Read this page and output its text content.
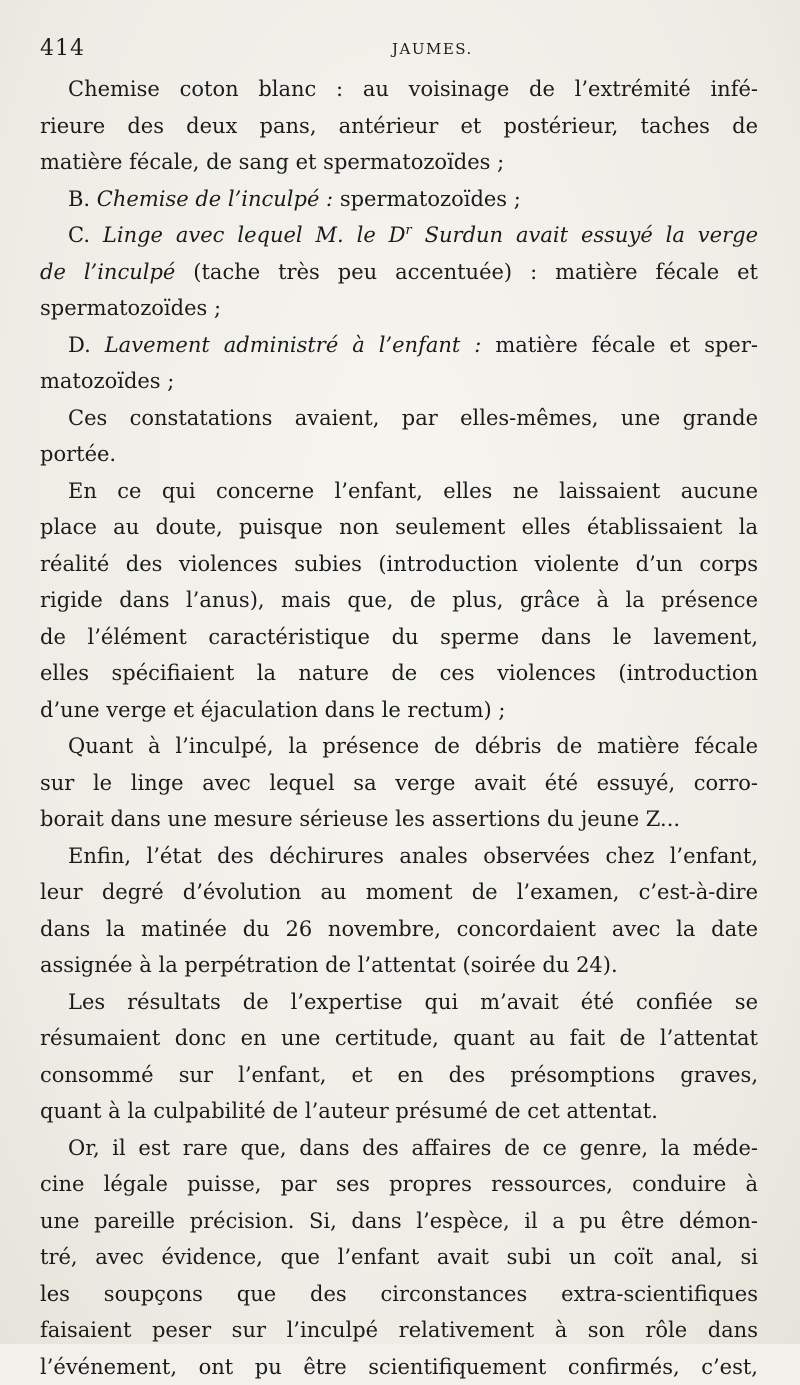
414	JAUMES.
Chemise coton blanc : au voisinage de l’extrémité infé-
rieure des deux pans, antérieur et postérieur, taches de
matière fécale, de sang et spermatozoïdes ;
B. Chemise de l’inculpé : spermatozoïdes ;
C. Linge avec lequel M. le $D^r$ Surdun avait essuyé la verge
de l’inculpé (tache très peu accentuée) : matière fécale et
spermatozoïdes ;
D. Lavement administré à l’enfant : matière fécale et sper-
matozoïdes ;
Ces constatations avaient, par elles-mêmes, une grande
portée.
En ce qui concerne l’enfant, elles ne laissaient aucune
place au doute, puisque non seulement elles établissaient la
réalité des violences subies (introduction violente d’un corps
rigide dans l’anus), mais que, de plus, grâce à la présence
de l’élément caractéristique du sperme dans le lavement,
elles spécifiaient la nature de ces violences (introduction
d’une verge et éjaculation dans le rectum) ;
Quant à l’inculpé, la présence de débris de matière fécale
sur le linge avec lequel sa verge avait été essuyé, corro-
borait dans une mesure sérieuse les assertions du jeune Z...
Enfin, l’état des déchirures anales observées chez l’enfant,
leur degré d’évolution au moment de l’examen, c’est-à-dire
dans la matinée du 26 novembre, concordaient avec la date
assignée à la perpétration de l’attentat (soirée du 24).
Les résultats de l’expertise qui m’avait été confiée se
résumaient donc en une certitude, quant au fait de l’attentat
consommé sur l’enfant, et en des présomptions graves,
quant à la culpabilité de l’auteur présumé de cet attentat.
Or, il est rare que, dans des affaires de ce genre, la méde-
cine légale puisse, par ses propres ressources, conduire à
une pareille précision. Si, dans l’espèce, il a pu être démon-
tré, avec évidence, que l’enfant avait subi un coït anal, si
les soupçons que des circonstances extra-scientifiques
faisaient peser sur l’inculpé relativement à son rôle dans
l’événement, ont pu être scientifiquement confirmés, c’est,
